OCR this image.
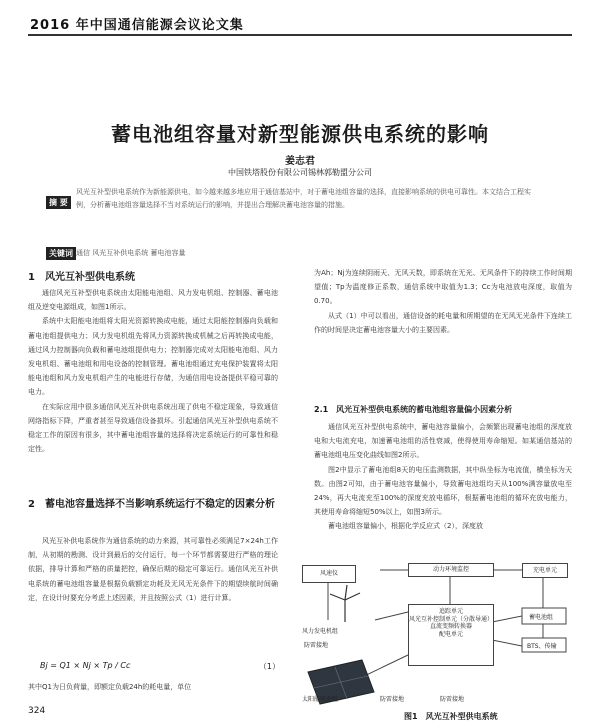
2016 年中国通信能源会议论文集
蓄电池组容量对新型能源供电系统的影响
姜志君
中国铁塔股份有限公司锡林郭勒盟分公司
摘 要
风光互补型供电系统作为新能源供电，如今越来越多地应用于通信基站中，对于蓄电池组容量的选择，直接影响系统的供电可靠性。本文结合工程实例，分析蓄电池组容量选择不当对系统运行的影响，并提出合理解决蓄电池容量的措施。
关键词 通信 风光互补供电系统 蓄电池容量
1　风光互补型供电系统

通信风光互补型供电系统由太阳能电池组、风力发电机组、控制器、蓄电池组及逆变电源组成，如图1所示。

系统中太阳能电池组将太阳光资源转换成电能，通过太阳能控制器向负载和蓄电池组提供电力；风力发电机组先将风力资源转换成机械之后再转换成电能，通过风力控制器向负载和蓄电池组提供电力；控制器完成对太阳能电池组、风力发电机组、蓄电池组和用电设备的控制管理。蓄电池组通过充电保护装置将太阳能电池组和风力发电机组产生的电能进行存储，为通信用电设备提供平稳可靠的电力。

在实际应用中很多通信风光互补供电系统出现了供电不稳定现象，导致通信网络指标下降，严重者甚至导致通信设备损坏。引起通信风光互补型供电系统不稳定工作的原因有很多，其中蓄电池组容量的选择将决定系统运行的可靠性和稳定性。

2　蓄电池容量选择不当影响系统运行不稳定的因素分析

风光互补供电系统作为通信系统的动力来源，其可靠性必须满足7×24h工作制，从初期的勘测、设计到最后的交付运行，每一个环节都需要进行严格的理论依据，排导计算和严格的质量把控，确保后期的稳定可靠运行。通信风光互补供电系统的蓄电池组容量是根据负载额定功耗及无风无光条件下的期望续航时间确定，在设计时要充分考虑上述因素，并且按照公式（1）进行计算。

Bj = Q1 × Nj × Tp / Cc	（1）

其中Q1为日负荷量，即额定负载24h的耗电量，单位

为Ah；Nj为连续阴雨天、无风天数，即系统在无光、无风条件下的持续工作时间期望值；Tp为温度修正系数，通信系统中取值为1.3；Cc为电池放电深度，取值为0.70。

从式（1）中可以看出，通信设备的耗电量和所期望的在无风无光条件下连续工作的时间是决定蓄电池容量大小的主要因素。

2.1　风光互补型供电系统的蓄电池组容量偏小因素分析

通信风光互补型供电系统中，蓄电池容量偏小，会频繁出现蓄电池组的深度放电和大电流充电，加速蓄电池组的活性衰减，使得使用寿命缩短。如某通信基站的蓄电池组电压变化曲线如图2所示。

图2中显示了蓄电池组8天的电压监测数据，其中纵坐标为电流值，横坐标为天数。由图2可知，由于蓄电池容量偏小，导致蓄电池组均天从100%满容量放电至24%，再大电流充至100%的深度充放电循环，根据蓄电池组的循环充放电能力，其使用寿命将缩短50%以上，如图3所示。

蓄电池组容量偏小，根据化学反应式（2），深度放

风速仪
动力环境监控	充电单元
风力发电机组
防雷接地
追踪单元
风光互补控制单元（分散导通）
直流变频转换器
配电单元
蓄电池组
BTS、传输
太阳能电池组	防雷接地	防雷接地
图1　风光互补型供电系统
324
